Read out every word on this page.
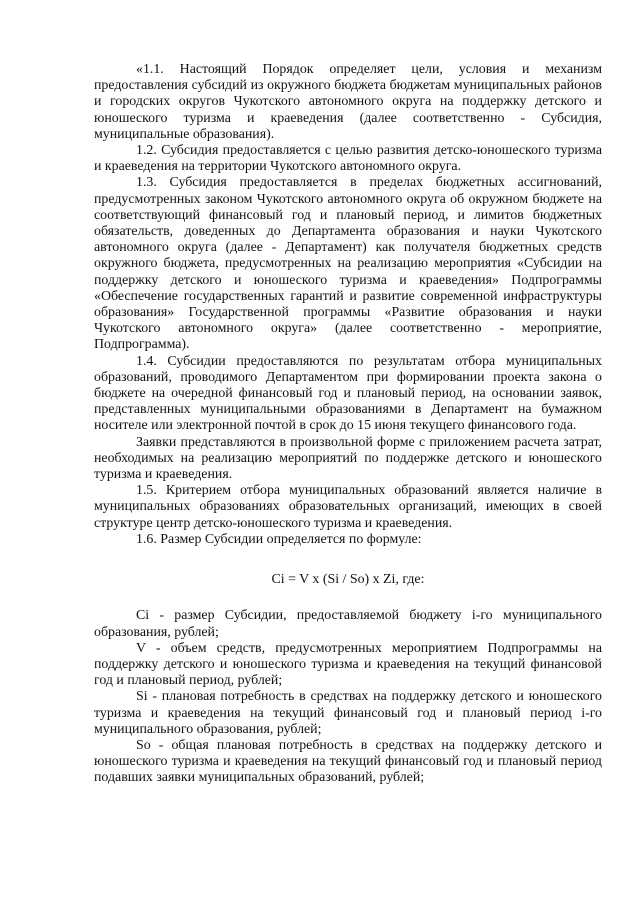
«1.1. Настоящий Порядок определяет цели, условия и механизм предоставления субсидий из окружного бюджета бюджетам муниципальных районов и городских округов Чукотского автономного округа на поддержку детского и юношеского туризма и краеведения (далее соответственно - Субсидия, муниципальные образования).

1.2. Субсидия предоставляется с целью развития детско-юношеского туризма и краеведения на территории Чукотского автономного округа.

1.3. Субсидия предоставляется в пределах бюджетных ассигнований, предусмотренных законом Чукотского автономного округа об окружном бюджете на соответствующий финансовый год и плановый период, и лимитов бюджетных обязательств, доведенных до Департамента образования и науки Чукотского автономного округа (далее - Департамент) как получателя бюджетных средств окружного бюджета, предусмотренных на реализацию мероприятия «Субсидии на поддержку детского и юношеского туризма и краеведения» Подпрограммы «Обеспечение государственных гарантий и развитие современной инфраструктуры образования» Государственной программы «Развитие образования и науки Чукотского автономного округа» (далее соответственно - мероприятие, Подпрограмма).

1.4. Субсидии предоставляются по результатам отбора муниципальных образований, проводимого Департаментом при формировании проекта закона о бюджете на очередной финансовый год и плановый период, на основании заявок, представленных муниципальными образованиями в Департамент на бумажном носителе или электронной почтой в срок до 15 июня текущего финансового года.

Заявки представляются в произвольной форме с приложением расчета затрат, необходимых на реализацию мероприятий по поддержке детского и юношеского туризма и краеведения.

1.5. Критерием отбора муниципальных образований является наличие в муниципальных образованиях образовательных организаций, имеющих в своей структуре центр детско-юношеского туризма и краеведения.

1.6. Размер Субсидии определяется по формуле:

Ci = V x (Si / So) x Zi, где:

Ci - размер Субсидии, предоставляемой бюджету i-го муниципального образования, рублей;

V - объем средств, предусмотренных мероприятием Подпрограммы на поддержку детского и юношеского туризма и краеведения на текущий финансовой год и плановый период, рублей;

Si - плановая потребность в средствах на поддержку детского и юношеского туризма и краеведения на текущий финансовый год и плановый период i-го муниципального образования, рублей;

So - общая плановая потребность в средствах на поддержку детского и юношеского туризма и краеведения на текущий финансовый год и плановый период подавших заявки муниципальных образований, рублей;
